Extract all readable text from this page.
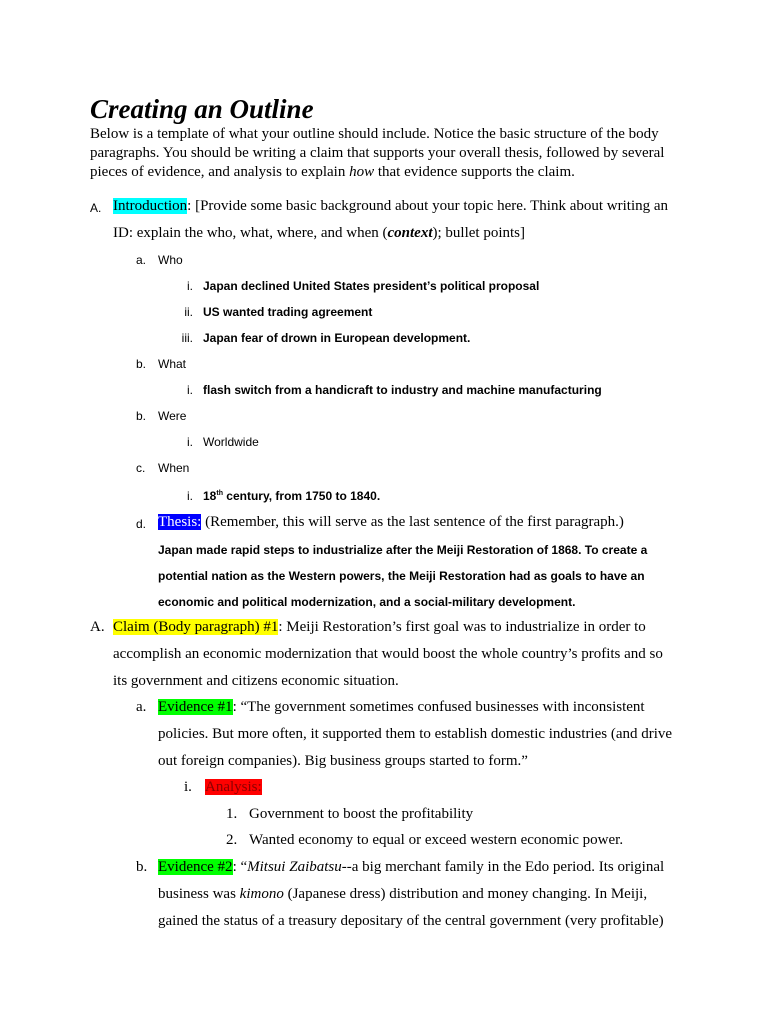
Creating an Outline
Below is a template of what your outline should include. Notice the basic structure of the body
paragraphs. You should be writing a claim that supports your overall thesis, followed by several
pieces of evidence, and analysis to explain how that evidence supports the claim.
A. Introduction: [Provide some basic background about your topic here. Think about writing an
ID: explain the who, what, where, and when (context); bullet points]
a. Who
i. Japan declined United States president’s political proposal
ii. US wanted trading agreement
iii. Japan fear of drown in European development.
b. What
i. flash switch from a handicraft to industry and machine manufacturing
b. Were
i. Worldwide
c. When
i. 18th century, from 1750 to 1840.
d. Thesis: (Remember, this will serve as the last sentence of the first paragraph.)
Japan made rapid steps to industrialize after the Meiji Restoration of 1868. To create a
potential nation as the Western powers, the Meiji Restoration had as goals to have an
economic and political modernization, and a social-military development.
A. Claim (Body paragraph) #1: Meiji Restoration’s first goal was to industrialize in order to
accomplish an economic modernization that would boost the whole country’s profits and so
its government and citizens economic situation.
a. Evidence #1: “The government sometimes confused businesses with inconsistent
policies. But more often, it supported them to establish domestic industries (and drive
out foreign companies). Big business groups started to form.”
i. Analysis:
1. Government to boost the profitability
2. Wanted economy to equal or exceed western economic power.
b. Evidence #2: “Mitsui Zaibatsu--a big merchant family in the Edo period. Its original
business was kimono (Japanese dress) distribution and money changing. In Meiji,
gained the status of a treasury depositary of the central government (very profitable)
